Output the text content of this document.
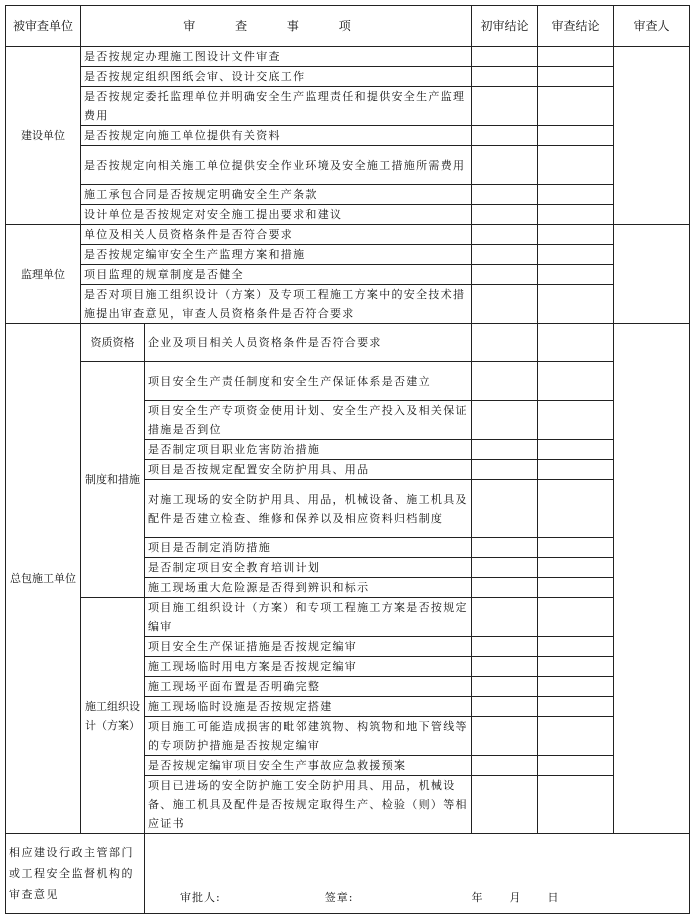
被审查单位	审 查 事 项		初审结论	审查结论	审查人
建设单位	是否按规定办理施工图设计文件审查				
	是否按规定组织图纸会审、设计交底工作				
	是否按规定委托监理单位并明确安全生产监理责任和提供安全生产监理费用				
	是否按规定向施工单位提供有关资料				
	是否按规定向相关施工单位提供安全作业环境及安全施工措施所需费用				
	施工承包合同是否按规定明确安全生产条款				
	设计单位是否按规定对安全施工提出要求和建议				
监理单位	单位及相关人员资格条件是否符合要求				
	是否按规定编审安全生产监理方案和措施				
	项目监理的规章制度是否健全				
	是否对项目施工组织设计（方案）及专项工程施工方案中的安全技术措施提出审查意见，审查人员资格条件是否符合要求				
总包施工单位	资质资格	企业及项目相关人员资格条件是否符合要求			
	制度和措施	项目安全生产责任制度和安全生产保证体系是否建立			
		项目安全生产专项资金使用计划、安全生产投入及相关保证措施是否到位			
		是否制定项目职业危害防治措施			
		项目是否按规定配置安全防护用具、用品			
		对施工现场的安全防护用具、用品，机械设备、施工机具及配件是否建立检查、维修和保养以及相应资料归档制度			
		项目是否制定消防措施			
		是否制定项目安全教育培训计划			
		施工现场重大危险源是否得到辨识和标示			
	施工组织设计（方案）	项目施工组织设计（方案）和专项工程施工方案是否按规定编审			
		项目安全生产保证措施是否按规定编审			
		施工现场临时用电方案是否按规定编审			
		施工现场平面布置是否明确完整			
		施工现场临时设施是否按规定搭建			
		项目施工可能造成损害的毗邻建筑物、构筑物和地下管线等的专项防护措施是否按规定编审			
		是否按规定编审项目安全生产事故应急救援预案			
		项目已进场的安全防护施工安全防护用具、用品，机械设备、施工机具及配件是否按规定取得生产、检验（则）等相应证书			
相应建设行政主管部门或工程安全监督机构的审查意见		审批人: 签章: 年 月 日			
